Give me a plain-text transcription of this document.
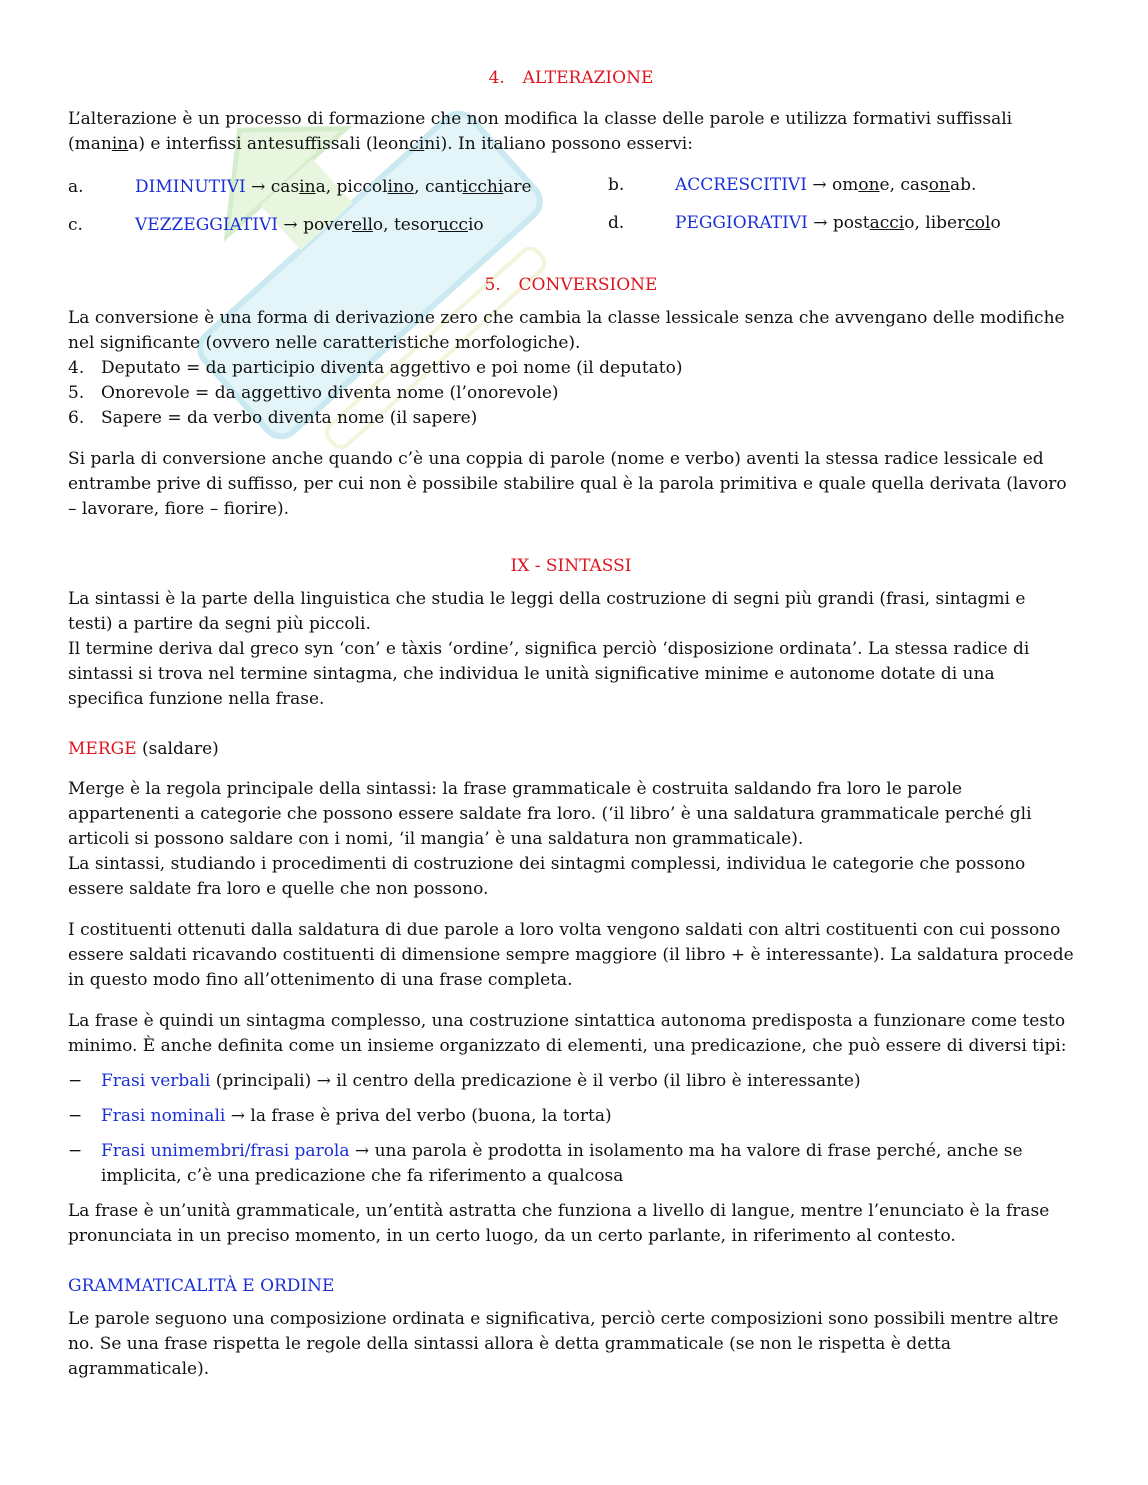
4. ALTERAZIONE

L’alterazione è un processo di formazione che non modifica la classe delle parole e utilizza formativi suffissali (manina) e interfissi antesuffissali (leoncini). In italiano possono esservi:

a.	DIMINUTIVI → casina, piccolino, canticchiare	b.	ACCRESCITIVI → omone, casonab.
c.	VEZZEGGIATIVI → poverello, tesoruccio	d.	PEGGIORATIVI → postaccio, libercolo
5. CONVERSIONE

La conversione è una forma di derivazione zero che cambia la classe lessicale senza che avvengano delle modifiche nel significante (ovvero nelle caratteristiche morfologiche).

4. Deputato = da participio diventa aggettivo e poi nome (il deputato)
5. Onorevole = da aggettivo diventa nome (l’onorevole)
6. Sapere = da verbo diventa nome (il sapere)

Si parla di conversione anche quando c’è una coppia di parole (nome e verbo) aventi la stessa radice lessicale ed entrambe prive di suffisso, per cui non è possibile stabilire qual è la parola primitiva e quale quella derivata (lavoro – lavorare, fiore – fiorire).

IX - SINTASSI

La sintassi è la parte della linguistica che studia le leggi della costruzione di segni più grandi (frasi, sintagmi e testi) a partire da segni più piccoli.

Il termine deriva dal greco syn ‘con’ e tàxis ‘ordine’, significa perciò ‘disposizione ordinata’. La stessa radice di sintassi si trova nel termine sintagma, che individua le unità significative minime e autonome dotate di una specifica funzione nella frase.

MERGE (saldare)

Merge è la regola principale della sintassi: la frase grammaticale è costruita saldando fra loro le parole appartenenti a categorie che possono essere saldate fra loro. (‘il libro’ è una saldatura grammaticale perché gli articoli si possono saldare con i nomi, ‘il mangia’ è una saldatura non grammaticale).

La sintassi, studiando i procedimenti di costruzione dei sintagmi complessi, individua le categorie che possono essere saldate fra loro e quelle che non possono.

I costituenti ottenuti dalla saldatura di due parole a loro volta vengono saldati con altri costituenti con cui possono essere saldati ricavando costituenti di dimensione sempre maggiore (il libro + è interessante). La saldatura procede in questo modo fino all’ottenimento di una frase completa.

La frase è quindi un sintagma complesso, una costruzione sintattica autonoma predisposta a funzionare come testo minimo. È anche definita come un insieme organizzato di elementi, una predicazione, che può essere di diversi tipi:

−	Frasi verbali (principali) → il centro della predicazione è il verbo (il libro è interessante)
−	Frasi nominali → la frase è priva del verbo (buona, la torta)
−	Frasi unimembri/frasi parola → una parola è prodotta in isolamento ma ha valore di frase perché, anche se implicita, c’è una predicazione che fa riferimento a qualcosa

La frase è un’unità grammaticale, un’entità astratta che funziona a livello di langue, mentre l’enunciato è la frase pronunciata in un preciso momento, in un certo luogo, da un certo parlante, in riferimento al contesto.

GRAMMATICALITÀ E ORDINE

Le parole seguono una composizione ordinata e significativa, perciò certe composizioni sono possibili mentre altre no. Se una frase rispetta le regole della sintassi allora è detta grammaticale (se non le rispetta è detta agrammaticale).
